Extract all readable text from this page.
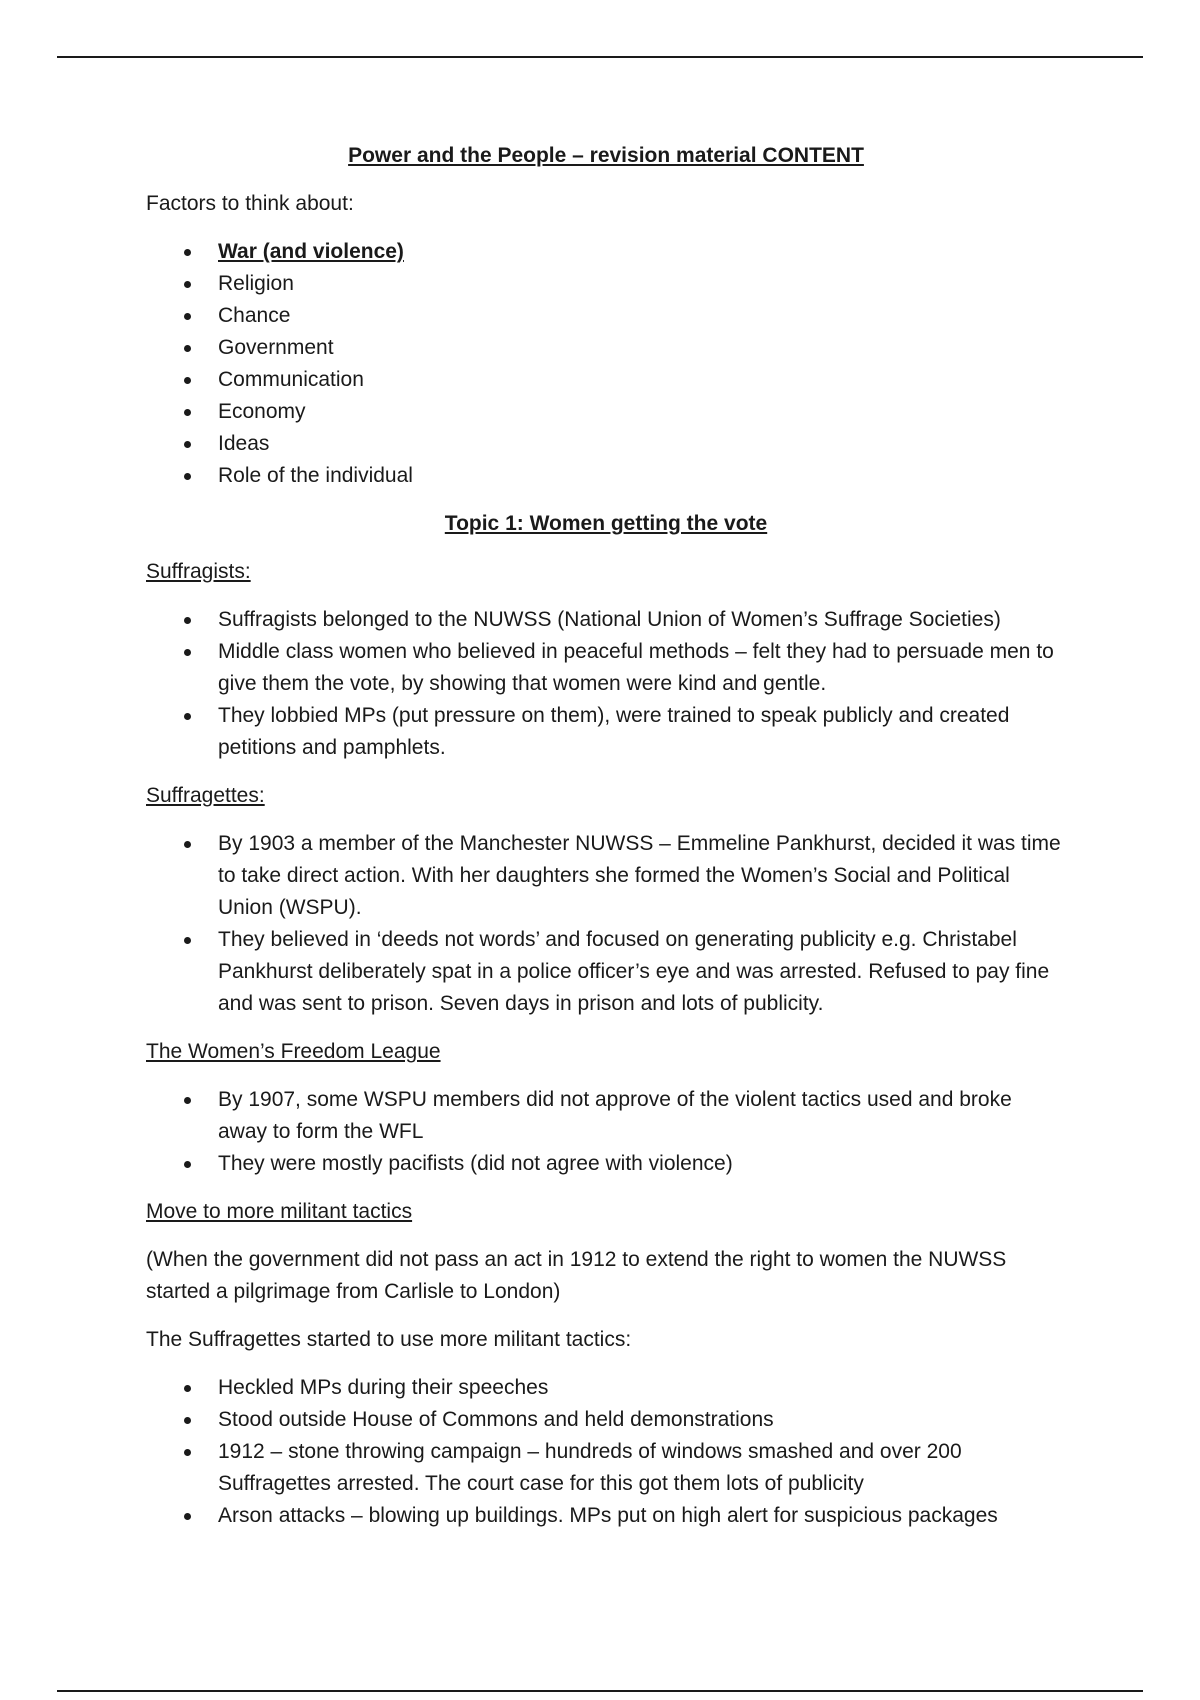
Power and the People – revision material CONTENT
Factors to think about:
War (and violence)
Religion
Chance
Government
Communication
Economy
Ideas
Role of the individual
Topic 1: Women getting the vote
Suffragists:
Suffragists belonged to the NUWSS (National Union of Women’s Suffrage Societies)
Middle class women who believed in peaceful methods – felt they had to persuade men to give them the vote, by showing that women were kind and gentle.
They lobbied MPs (put pressure on them), were trained to speak publicly and created petitions and pamphlets.
Suffragettes:
By 1903 a member of the Manchester NUWSS – Emmeline Pankhurst, decided it was time to take direct action. With her daughters she formed the Women’s Social and Political Union (WSPU).
They believed in ‘deeds not words’ and focused on generating publicity e.g. Christabel Pankhurst deliberately spat in a police officer’s eye and was arrested. Refused to pay fine and was sent to prison. Seven days in prison and lots of publicity.
The Women’s Freedom League
By 1907, some WSPU members did not approve of the violent tactics used and broke away to form the WFL
They were mostly pacifists (did not agree with violence)
Move to more militant tactics
(When the government did not pass an act in 1912 to extend the right to women the NUWSS started a pilgrimage from Carlisle to London)
The Suffragettes started to use more militant tactics:
Heckled MPs during their speeches
Stood outside House of Commons and held demonstrations
1912 – stone throwing campaign – hundreds of windows smashed and over 200 Suffragettes arrested. The court case for this got them lots of publicity
Arson attacks – blowing up buildings. MPs put on high alert for suspicious packages
